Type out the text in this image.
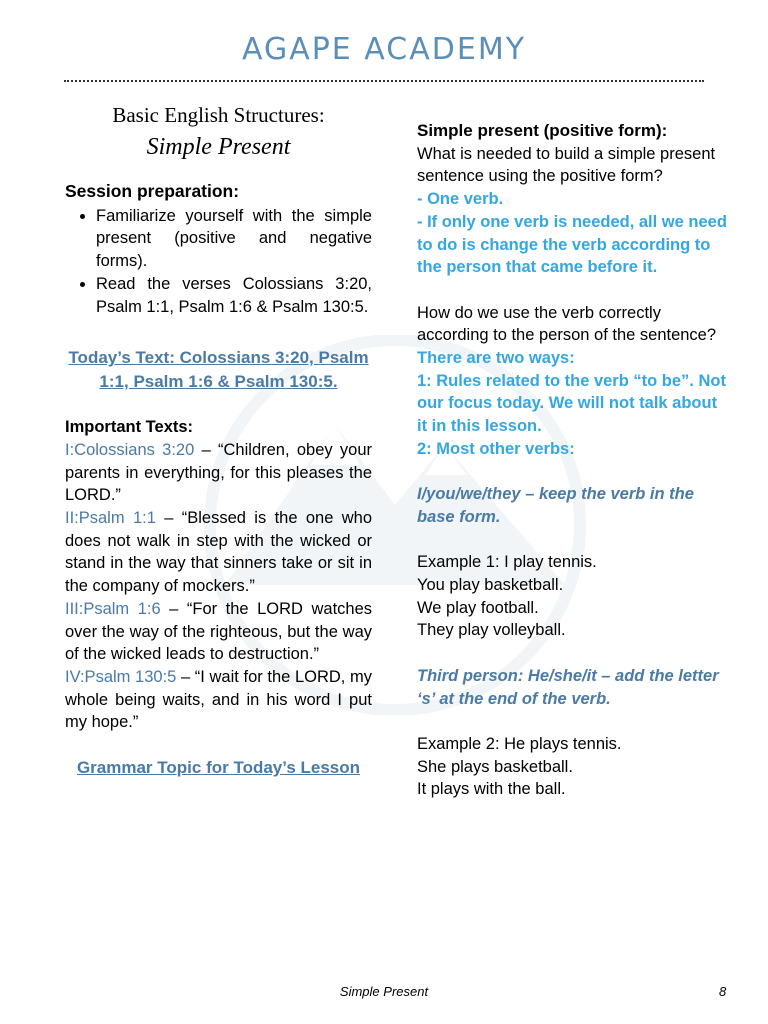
AGAPE ACADEMY
Basic English Structures:
Simple Present
Session preparation:
• Familiarize yourself with the simple present (positive and negative forms).
• Read the verses Colossians 3:20, Psalm 1:1, Psalm 1:6 & Psalm 130:5.
Today’s Text: Colossians 3:20, Psalm 1:1, Psalm 1:6 & Psalm 130:5.
Important Texts:
I:Colossians 3:20 – “Children, obey your parents in everything, for this pleases the LORD.”
II:Psalm 1:1 – “Blessed is the one who does not walk in step with the wicked or stand in the way that sinners take or sit in the company of mockers.”
III:Psalm 1:6 – “For the LORD watches over the way of the righteous, but the way of the wicked leads to destruction.”
IV:Psalm 130:5 – “I wait for the LORD, my whole being waits, and in his word I put my hope.”
Grammar Topic for Today’s Lesson
Simple present (positive form):
What is needed to build a simple present sentence using the positive form?
- One verb.
- If only one verb is needed, all we need to do is change the verb according to the person that came before it.
How do we use the verb correctly according to the person of the sentence?
There are two ways:
1: Rules related to the verb “to be”. Not our focus today. We will not talk about it in this lesson.
2: Most other verbs:
I/you/we/they – keep the verb in the base form.
Example 1: I play tennis.
You play basketball.
We play football.
They play volleyball.
Third person: He/she/it – add the letter ‘s’ at the end of the verb.
Example 2: He plays tennis.
She plays basketball.
It plays with the ball.
Simple Present	8
